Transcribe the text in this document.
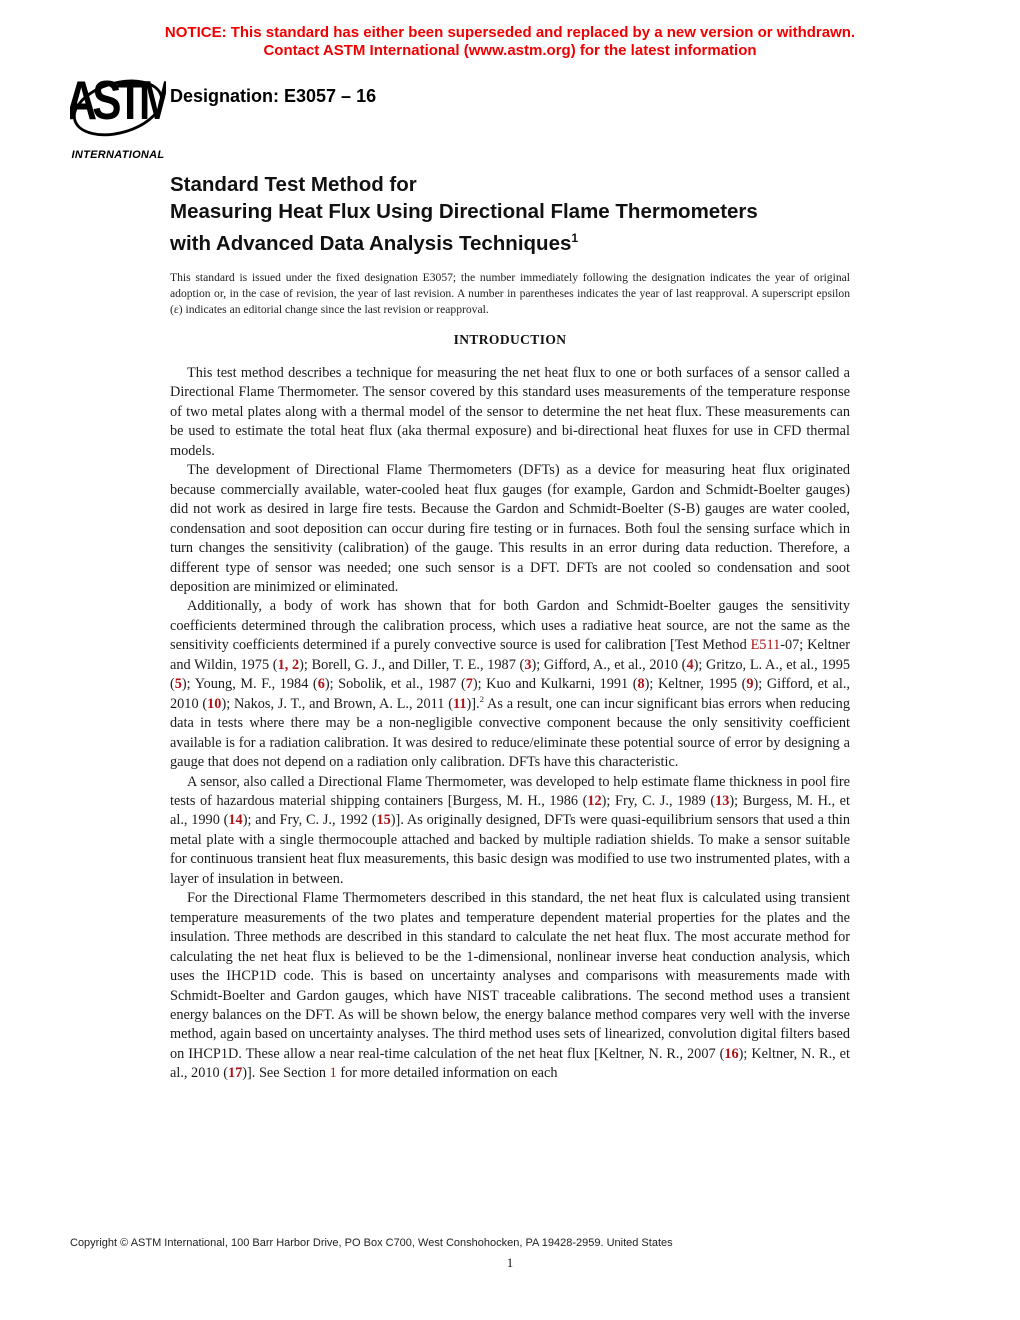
NOTICE: This standard has either been superseded and replaced by a new version or withdrawn.
Contact ASTM International (www.astm.org) for the latest information
ASTM
INTERNATIONAL
Designation: E3057 – 16
Standard Test Method for
Measuring Heat Flux Using Directional Flame Thermometers
with Advanced Data Analysis Techniques$^1$
This standard is issued under the fixed designation E3057; the number immediately following the designation indicates the year of original adoption or, in the case of revision, the year of last revision. A number in parentheses indicates the year of last reapproval. A superscript epsilon (ε) indicates an editorial change since the last revision or reapproval.
INTRODUCTION

This test method describes a technique for measuring the net heat flux to one or both surfaces of a sensor called a Directional Flame Thermometer. The sensor covered by this standard uses measurements of the temperature response of two metal plates along with a thermal model of the sensor to determine the net heat flux. These measurements can be used to estimate the total heat flux (aka thermal exposure) and bi-directional heat fluxes for use in CFD thermal models.

The development of Directional Flame Thermometers (DFTs) as a device for measuring heat flux originated because commercially available, water-cooled heat flux gauges (for example, Gardon and Schmidt-Boelter gauges) did not work as desired in large fire tests. Because the Gardon and Schmidt-Boelter (S-B) gauges are water cooled, condensation and soot deposition can occur during fire testing or in furnaces. Both foul the sensing surface which in turn changes the sensitivity (calibration) of the gauge. This results in an error during data reduction. Therefore, a different type of sensor was needed; one such sensor is a DFT. DFTs are not cooled so condensation and soot deposition are minimized or eliminated.

Additionally, a body of work has shown that for both Gardon and Schmidt-Boelter gauges the sensitivity coefficients determined through the calibration process, which uses a radiative heat source, are not the same as the sensitivity coefficients determined if a purely convective source is used for calibration [Test Method E511-07; Keltner and Wildin, 1975 (1, 2); Borell, G. J., and Diller, T. E., 1987 (3); Gifford, A., et al., 2010 (4); Gritzo, L. A., et al., 1995 (5); Young, M. F., 1984 (6); Sobolik, et al., 1987 (7); Kuo and Kulkarni, 1991 (8); Keltner, 1995 (9); Gifford, et al., 2010 (10); Nakos, J. T., and Brown, A. L., 2011 (11)].$^2$ As a result, one can incur significant bias errors when reducing data in tests where there may be a non-negligible convective component because the only sensitivity coefficient available is for a radiation calibration. It was desired to reduce/eliminate these potential source of error by designing a gauge that does not depend on a radiation only calibration. DFTs have this characteristic.

A sensor, also called a Directional Flame Thermometer, was developed to help estimate flame thickness in pool fire tests of hazardous material shipping containers [Burgess, M. H., 1986 (12); Fry, C. J., 1989 (13); Burgess, M. H., et al., 1990 (14); and Fry, C. J., 1992 (15)]. As originally designed, DFTs were quasi-equilibrium sensors that used a thin metal plate with a single thermocouple attached and backed by multiple radiation shields. To make a sensor suitable for continuous transient heat flux measurements, this basic design was modified to use two instrumented plates, with a layer of insulation in between.

For the Directional Flame Thermometers described in this standard, the net heat flux is calculated using transient temperature measurements of the two plates and temperature dependent material properties for the plates and the insulation. Three methods are described in this standard to calculate the net heat flux. The most accurate method for calculating the net heat flux is believed to be the 1-dimensional, nonlinear inverse heat conduction analysis, which uses the IHCP1D code. This is based on uncertainty analyses and comparisons with measurements made with Schmidt-Boelter and Gardon gauges, which have NIST traceable calibrations. The second method uses a transient energy balances on the DFT. As will be shown below, the energy balance method compares very well with the inverse method, again based on uncertainty analyses. The third method uses sets of linearized, convolution digital filters based on IHCP1D. These allow a near real-time calculation of the net heat flux [Keltner, N. R., 2007 (16); Keltner, N. R., et al., 2010 (17)]. See Section 1 for more detailed information on each

Copyright © ASTM International, 100 Barr Harbor Drive, PO Box C700, West Conshohocken, PA 19428-2959. United States
1
